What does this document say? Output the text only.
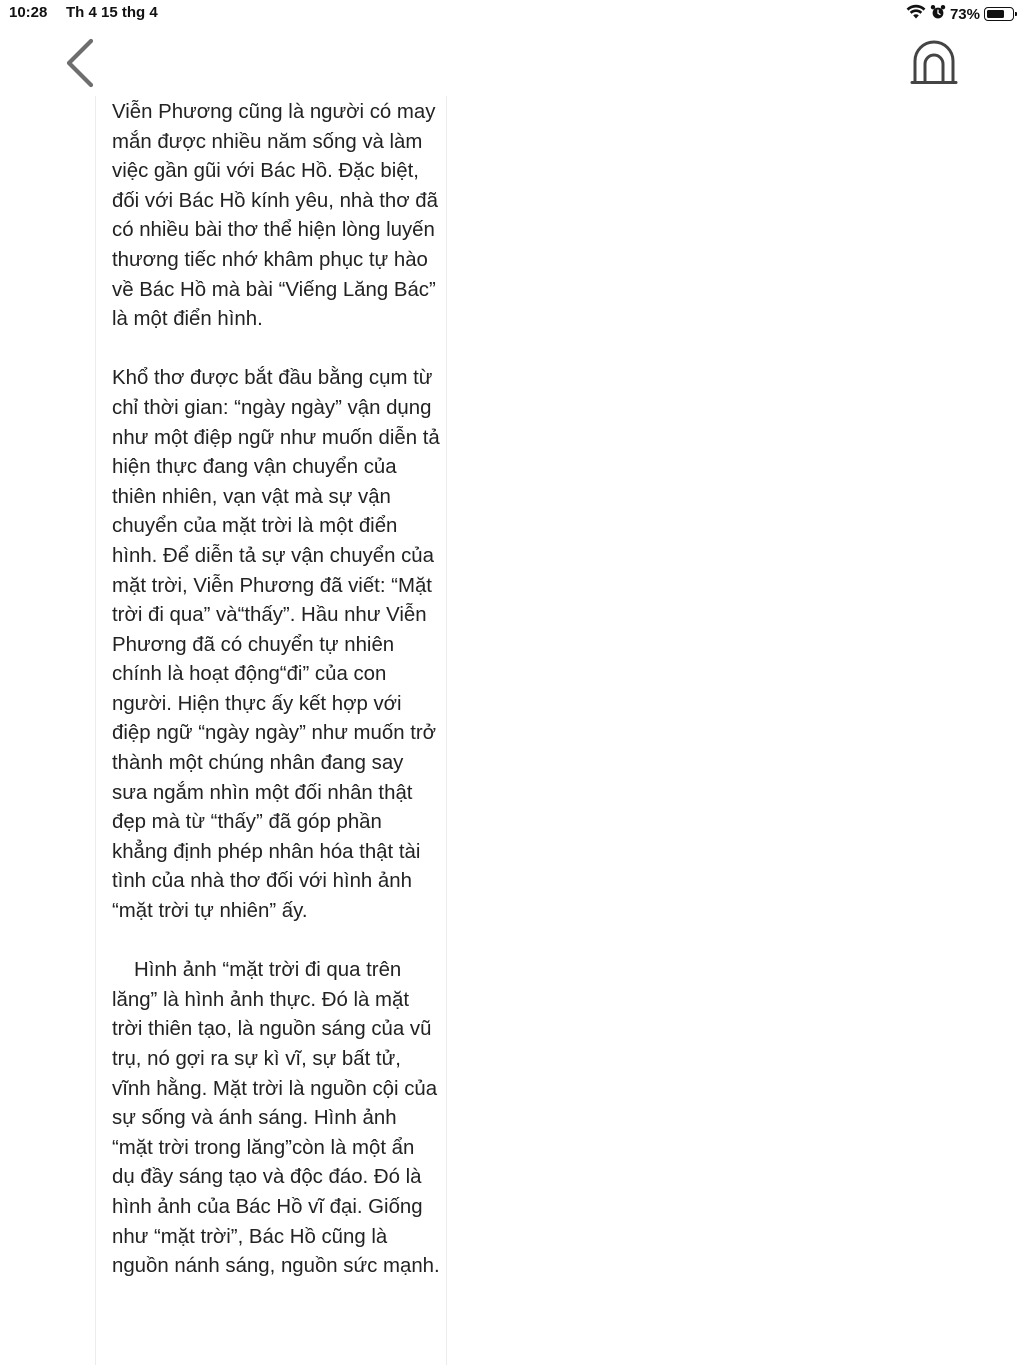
10:28 Th 4 15 thg 4	73%

Viễn Phương cũng là người có may mắn được nhiều năm sống và làm việc gần gũi với Bác Hồ. Đặc biệt, đối với Bác Hồ kính yêu, nhà thơ đã có nhiều bài thơ thể hiện lòng luyến thương tiếc nhớ khâm phục tự hào về Bác Hồ mà bài “Viếng Lăng Bác” là một điển hình.

Khổ thơ được bắt đầu bằng cụm từ chỉ thời gian: “ngày ngày” vận dụng như một điệp ngữ như muốn diễn tả hiện thực đang vận chuyển của thiên nhiên, vạn vật mà sự vận chuyển của mặt trời là một điển hình. Để diễn tả sự vận chuyển của mặt trời, Viễn Phương đã viết: “Mặt trời đi qua” và“thấy”. Hầu như Viễn Phương đã có chuyển tự nhiên chính là hoạt động“đi” của con người. Hiện thực ấy kết hợp với điệp ngữ “ngày ngày” như muốn trở thành một chúng nhân đang say sưa ngắm nhìn một đối nhân thật đẹp mà từ “thấy” đã góp phần khẳng định phép nhân hóa thật tài tình của nhà thơ đối với hình ảnh “mặt trời tự nhiên” ấy.

Hình ảnh “mặt trời đi qua trên lăng” là hình ảnh thực. Đó là mặt trời thiên tạo, là nguồn sáng của vũ trụ, nó gợi ra sự kì vĩ, sự bất tử, vĩnh hằng. Mặt trời là nguồn cội của sự sống và ánh sáng. Hình ảnh “mặt trời trong lăng”còn là một ẩn dụ đầy sáng tạo và độc đáo. Đó là hình ảnh của Bác Hồ vĩ đại. Giống như “mặt trời”, Bác Hồ cũng là nguồn nánh sáng, nguồn sức mạnh.
